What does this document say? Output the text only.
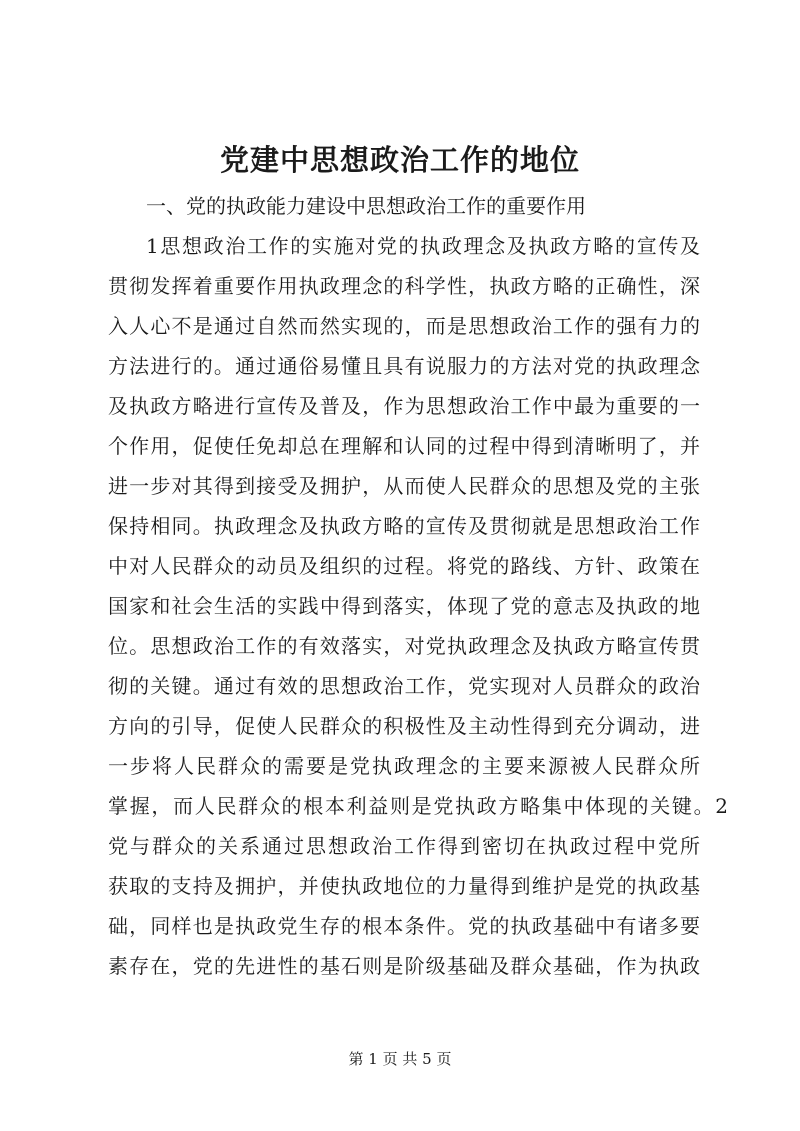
党建中思想政治工作的地位
一、党的执政能力建设中思想政治工作的重要作用
1思想政治工作的实施对党的执政理念及执政方略的宣传及
贯彻发挥着重要作用执政理念的科学性，执政方略的正确性，深
入人心不是通过自然而然实现的，而是思想政治工作的强有力的
方法进行的。通过通俗易懂且具有说服力的方法对党的执政理念
及执政方略进行宣传及普及，作为思想政治工作中最为重要的一
个作用，促使任免却总在理解和认同的过程中得到清晰明了，并
进一步对其得到接受及拥护，从而使人民群众的思想及党的主张
保持相同。执政理念及执政方略的宣传及贯彻就是思想政治工作
中对人民群众的动员及组织的过程。将党的路线、方针、政策在
国家和社会生活的实践中得到落实，体现了党的意志及执政的地
位。思想政治工作的有效落实，对党执政理念及执政方略宣传贯
彻的关键。通过有效的思想政治工作，党实现对人员群众的政治
方向的引导，促使人民群众的积极性及主动性得到充分调动，进
一步将人民群众的需要是党执政理念的主要来源被人民群众所
掌握，而人民群众的根本利益则是党执政方略集中体现的关键。2
党与群众的关系通过思想政治工作得到密切在执政过程中党所
获取的支持及拥护，并使执政地位的力量得到维护是党的执政基
础，同样也是执政党生存的根本条件。党的执政基础中有诸多要
素存在，党的先进性的基石则是阶级基础及群众基础，作为执政
第 1 页 共 5 页
